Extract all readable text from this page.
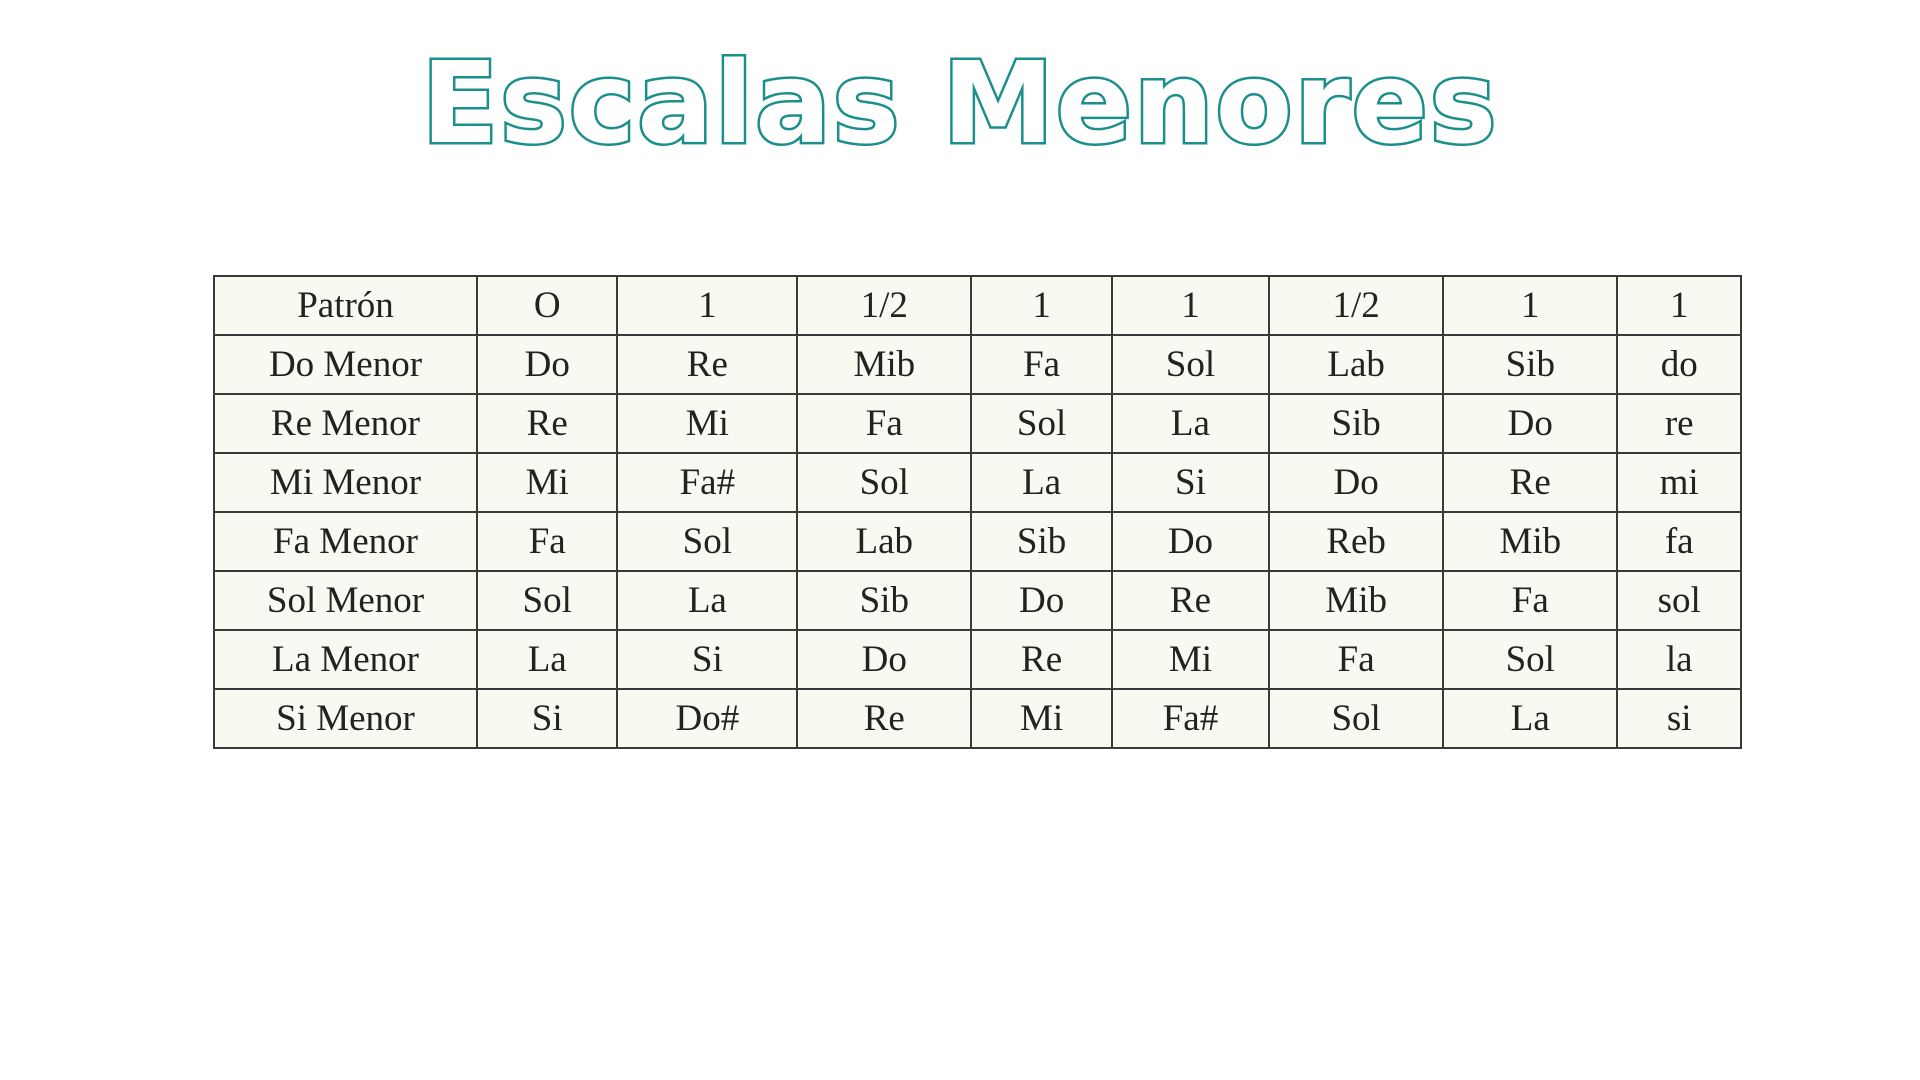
Escalas Menores
Patrón	O	1	1/2	1	1	1/2	1	1
Do Menor	Do	Re	Mib	Fa	Sol	Lab	Sib	do
Re Menor	Re	Mi	Fa	Sol	La	Sib	Do	re
Mi Menor	Mi	Fa#	Sol	La	Si	Do	Re	mi
Fa Menor	Fa	Sol	Lab	Sib	Do	Reb	Mib	fa
Sol Menor	Sol	La	Sib	Do	Re	Mib	Fa	sol
La Menor	La	Si	Do	Re	Mi	Fa	Sol	la
Si Menor	Si	Do#	Re	Mi	Fa#	Sol	La	si
